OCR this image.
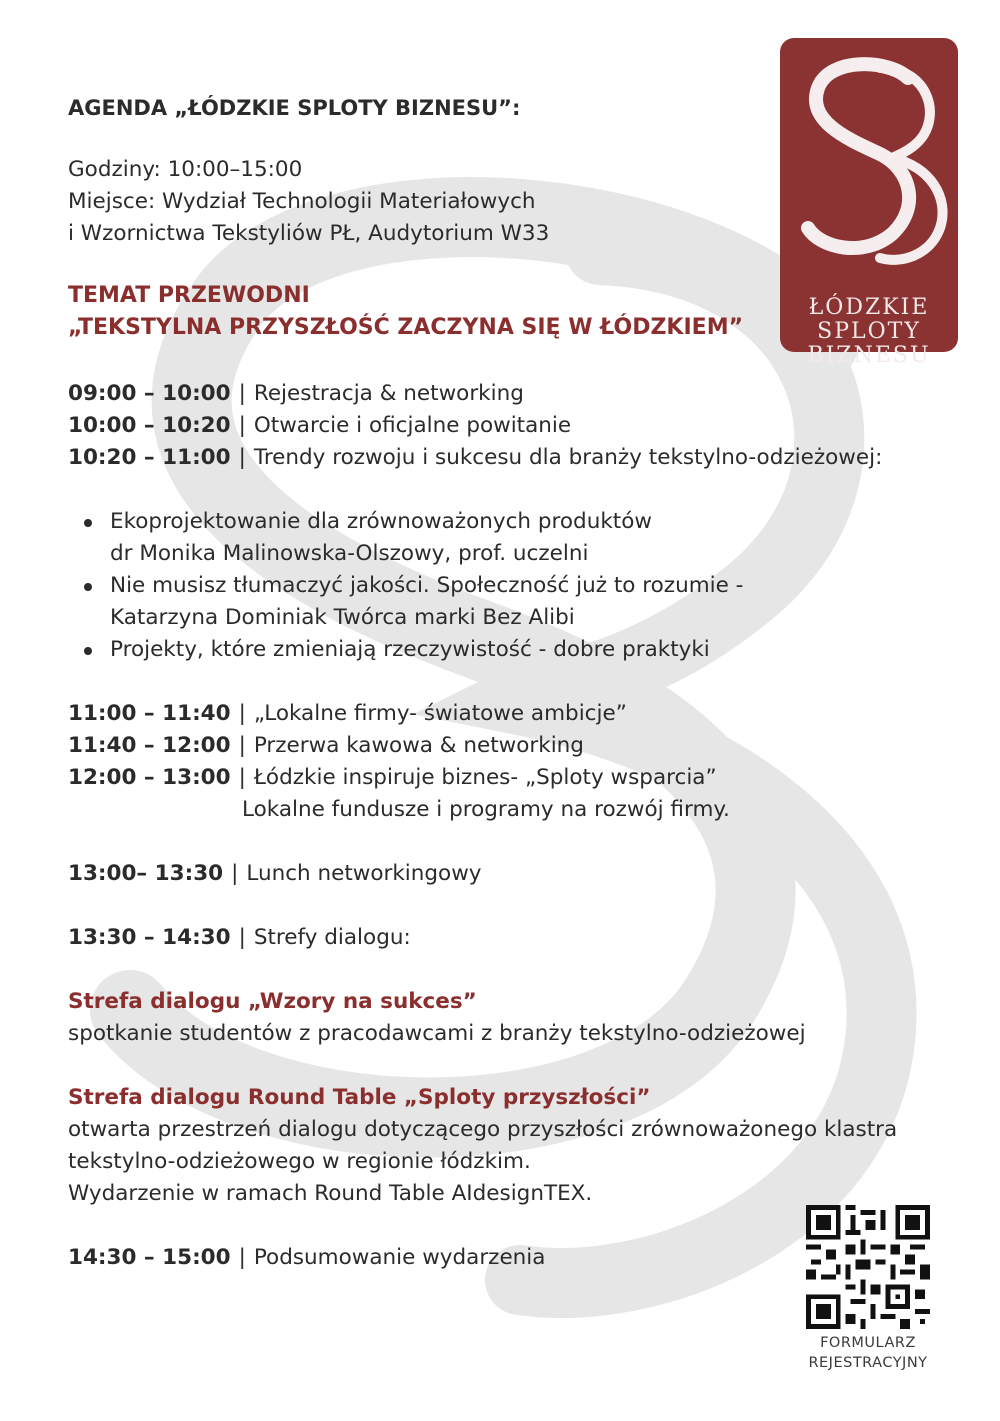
AGENDA „ŁÓDZKIE SPLOTY BIZNESU”:

Godziny: 10:00–15:00
Miejsce: Wydział Technologii Materiałowych
i Wzornictwa Tekstyliów PŁ, Audytorium W33
TEMAT PRZEWODNI
„TEKSTYLNA PRZYSZŁOŚĆ ZACZYNA SIĘ W ŁÓDZKIEM”
09:00 – 10:00 | Rejestracja & networking
10:00 – 10:20 | Otwarcie i oficjalne powitanie
10:20 – 11:00 | Trendy rozwoju i sukcesu dla branży tekstylno-odzieżowej:
Ekoprojektowanie dla zrównoważonych produktów
dr Monika Malinowska-Olszowy, prof. uczelni
Nie musisz tłumaczyć jakości. Społeczność już to rozumie -
Katarzyna Dominiak Twórca marki Bez Alibi
Projekty, które zmieniają rzeczywistość - dobre praktyki
11:00 – 11:40 | „Lokalne firmy- światowe ambicje”
11:40 – 12:00 | Przerwa kawowa & networking
12:00 – 13:00 | Łódzkie inspiruje biznes- „Sploty wsparcia”
Lokalne fundusze i programy na rozwój firmy.
13:00– 13:30 | Lunch networkingowy
13:30 – 14:30 | Strefy dialogu:
Strefa dialogu „Wzory na sukces”
spotkanie studentów z pracodawcami z branży tekstylno-odzieżowej
Strefa dialogu Round Table „Sploty przyszłości”
otwarta przestrzeń dialogu dotyczącego przyszłości zrównoważonego klastra
tekstylno-odzieżowego w regionie łódzkim.
Wydarzenie w ramach Round Table AIdesignTEX.
14:30 – 15:00 | Podsumowanie wydarzenia
ŁÓDZKIE
SPLOTY
BIZNESU
FORMULARZ
REJESTRACYJNY
